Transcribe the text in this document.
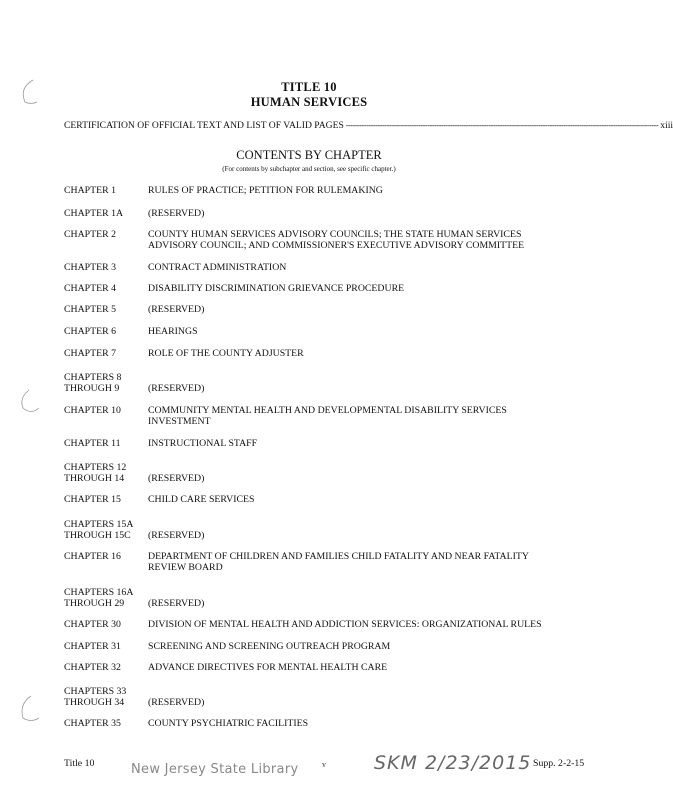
TITLE 10
HUMAN SERVICES
CERTIFICATION OF OFFICIAL TEXT AND LIST OF VALID PAGES ------------------------------------------------------------------------------------------------------------------------------------------ xiii
CONTENTS BY CHAPTER
(For contents by subchapter and section, see specific chapter.)
CHAPTER 1	RULES OF PRACTICE; PETITION FOR RULEMAKING
CHAPTER 1A	(RESERVED)
CHAPTER 2	COUNTY HUMAN SERVICES ADVISORY COUNCILS; THE STATE HUMAN SERVICES ADVISORY COUNCIL; AND COMMISSIONER'S EXECUTIVE ADVISORY COMMITTEE
CHAPTER 3	CONTRACT ADMINISTRATION
CHAPTER 4	DISABILITY DISCRIMINATION GRIEVANCE PROCEDURE
CHAPTER 5	(RESERVED)
CHAPTER 6	HEARINGS
CHAPTER 7	ROLE OF THE COUNTY ADJUSTER
CHAPTERS 8
THROUGH 9	(RESERVED)
CHAPTER 10	COMMUNITY MENTAL HEALTH AND DEVELOPMENTAL DISABILITY SERVICES INVESTMENT
CHAPTER 11	INSTRUCTIONAL STAFF
CHAPTERS 12
THROUGH 14	(RESERVED)
CHAPTER 15	CHILD CARE SERVICES
CHAPTERS 15A
THROUGH 15C	(RESERVED)
CHAPTER 16	DEPARTMENT OF CHILDREN AND FAMILIES CHILD FATALITY AND NEAR FATALITY REVIEW BOARD
CHAPTERS 16A
THROUGH 29	(RESERVED)
CHAPTER 30	DIVISION OF MENTAL HEALTH AND ADDICTION SERVICES: ORGANIZATIONAL RULES
CHAPTER 31	SCREENING AND SCREENING OUTREACH PROGRAM
CHAPTER 32	ADVANCE DIRECTIVES FOR MENTAL HEALTH CARE
CHAPTERS 33
THROUGH 34	(RESERVED)
CHAPTER 35	COUNTY PSYCHIATRIC FACILITIES
Title 10	New Jersey State Library	v	SKM 2/23/2015 Supp. 2-2-15
